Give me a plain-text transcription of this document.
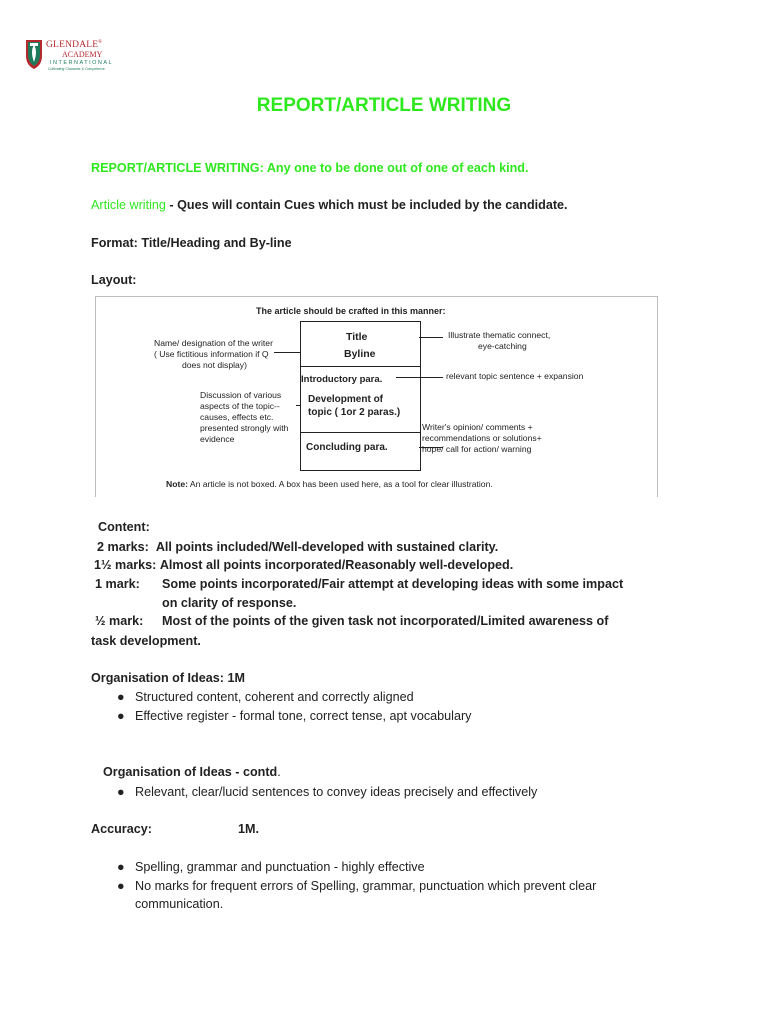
GLENDALE®
ACADEMY
INTERNATIONAL
Cultivating Character & Competence
REPORT/ARTICLE WRITING
REPORT/ARTICLE WRITING: Any one to be done out of one of each kind.
Article writing - Ques will contain Cues which must be included by the candidate.
Format: Title/Heading and By-line
Layout:
The article should be crafted in this manner:
Title
Byline
Introductory para.
Development of
topic ( 1or 2 paras.)
Concluding para.
Name/ designation of the writer
( Use fictitious information if Q
does not display)
Discussion of various
aspects of the topic--
causes, effects etc.
presented strongly with
evidence
Illustrate thematic connect,
eye-catching
relevant topic sentence + expansion
Writer's opinion/ comments +
recommendations or solutions+
hope/ call for action/ warning
Note: An article is not boxed. A box has been used here, as a tool for clear illustration.
Content:
2 marks: All points included/Well-developed with sustained clarity.
1½ marks: Almost all points incorporated/Reasonably well-developed.
1 mark: Some points incorporated/Fair attempt at developing ideas with some impact
on clarity of response.
½ mark: Most of the points of the given task not incorporated/Limited awareness of
task development.
Organisation of Ideas: 1M
● Structured content, coherent and correctly aligned
● Effective register - formal tone, correct tense, apt vocabulary
Organisation of Ideas - contd.
● Relevant, clear/lucid sentences to convey ideas precisely and effectively
Accuracy:	1M.
● Spelling, grammar and punctuation - highly effective
● No marks for frequent errors of Spelling, grammar, punctuation which prevent clear
communication.
